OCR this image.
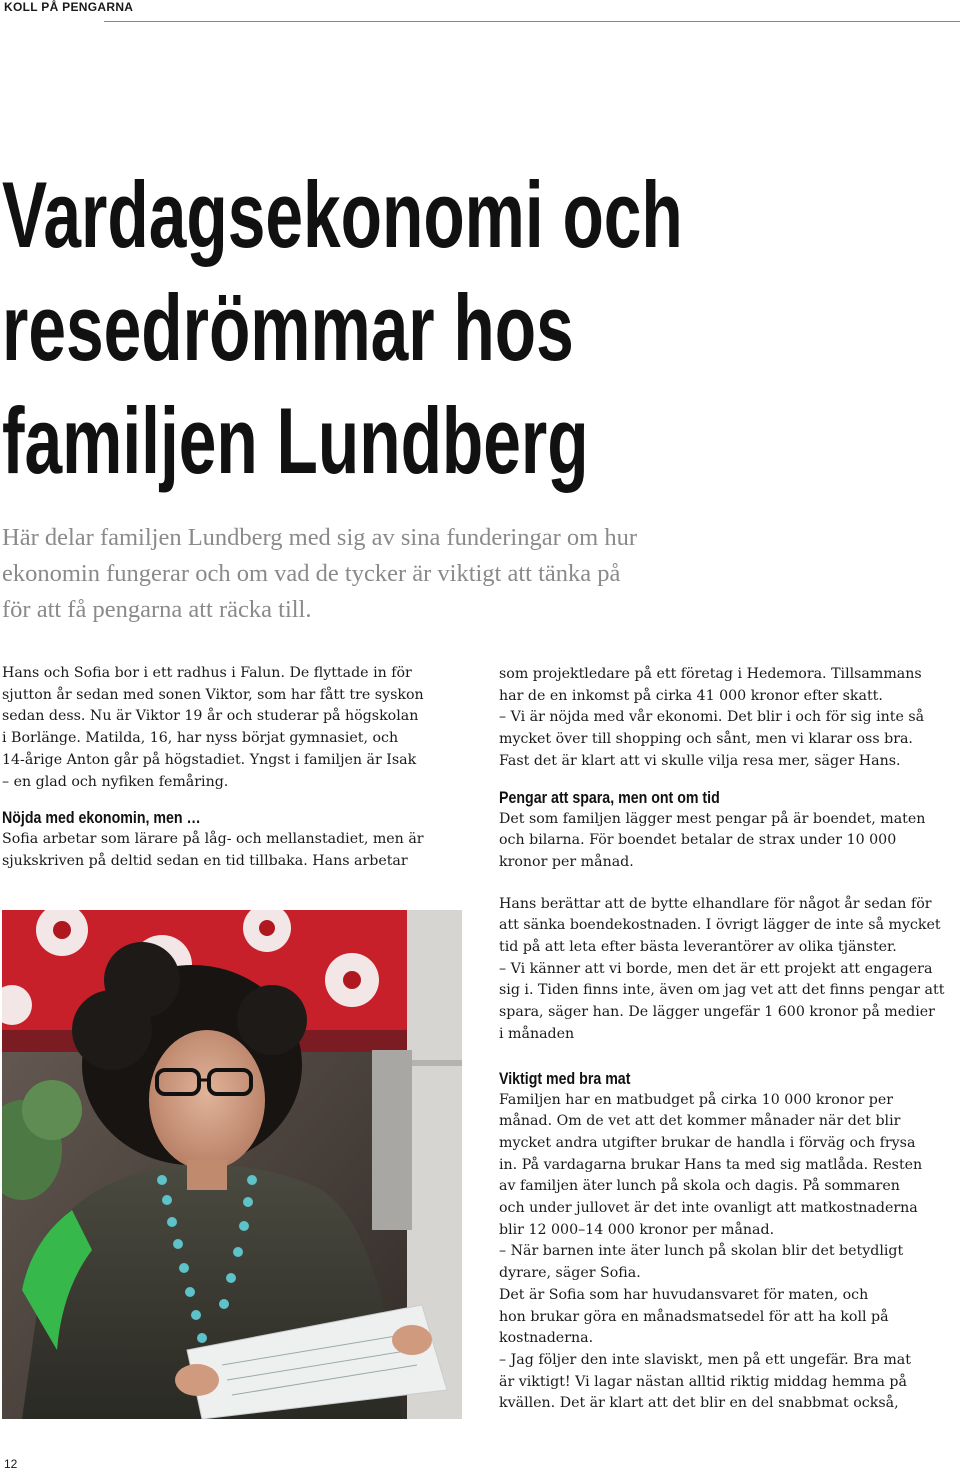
KOLL PÅ PENGARNA
Vardagsekonomi och
resedrömmar hos
familjen Lundberg
Här delar familjen Lundberg med sig av sina funderingar om hur
ekonomin fungerar och om vad de tycker är viktigt att tänka på
för att få pengarna att räcka till.

Hans och Sofia bor i ett radhus i Falun. De flyttade in för

sjutton år sedan med sonen Viktor, som har fått tre syskon

sedan dess. Nu är Viktor 19 år och studerar på högskolan

i Borlänge. Matilda, 16, har nyss börjat gymnasiet, och

14-årige Anton går på högstadiet. Yngst i familjen är Isak

– en glad och nyfiken femåring.

Nöjda med ekonomin, men …

Sofia arbetar som lärare på låg- och mellanstadiet, men är

sjukskriven på deltid sedan en tid tillbaka. Hans arbetar

som projektledare på ett företag i Hedemora. Tillsammans

har de en inkomst på cirka 41 000 kronor efter skatt.

– Vi är nöjda med vår ekonomi. Det blir i och för sig inte så

mycket över till shopping och sånt, men vi klarar oss bra.

Fast det är klart att vi skulle vilja resa mer, säger Hans.

Pengar att spara, men ont om tid

Det som familjen lägger mest pengar på är boendet, maten

och bilarna. För boendet betalar de strax under 10 000

kronor per månad.

Hans berättar att de bytte elhandlare för något år sedan för

att sänka boendekostnaden. I övrigt lägger de inte så mycket

tid på att leta efter bästa leverantörer av olika tjänster.

– Vi känner att vi borde, men det är ett projekt att engagera

sig i. Tiden finns inte, även om jag vet att det finns pengar att

spara, säger han. De lägger ungefär 1 600 kronor på medier

i månaden

Viktigt med bra mat

Familjen har en matbudget på cirka 10 000 kronor per

månad. Om de vet att det kommer månader när det blir

mycket andra utgifter brukar de handla i förväg och frysa

in. På vardagarna brukar Hans ta med sig matlåda. Resten

av familjen äter lunch på skola och dagis. På sommaren

och under jullovet är det inte ovanligt att matkostnaderna

blir 12 000–14 000 kronor per månad.

– När barnen inte äter lunch på skolan blir det betydligt

dyrare, säger Sofia.

Det är Sofia som har huvudansvaret för maten, och

hon brukar göra en månadsmatsedel för att ha koll på

kostnaderna.

– Jag följer den inte slaviskt, men på ett ungefär. Bra mat

är viktigt! Vi lagar nästan alltid riktig middag hemma på

kvällen. Det är klart att det blir en del snabbmat också,

12
